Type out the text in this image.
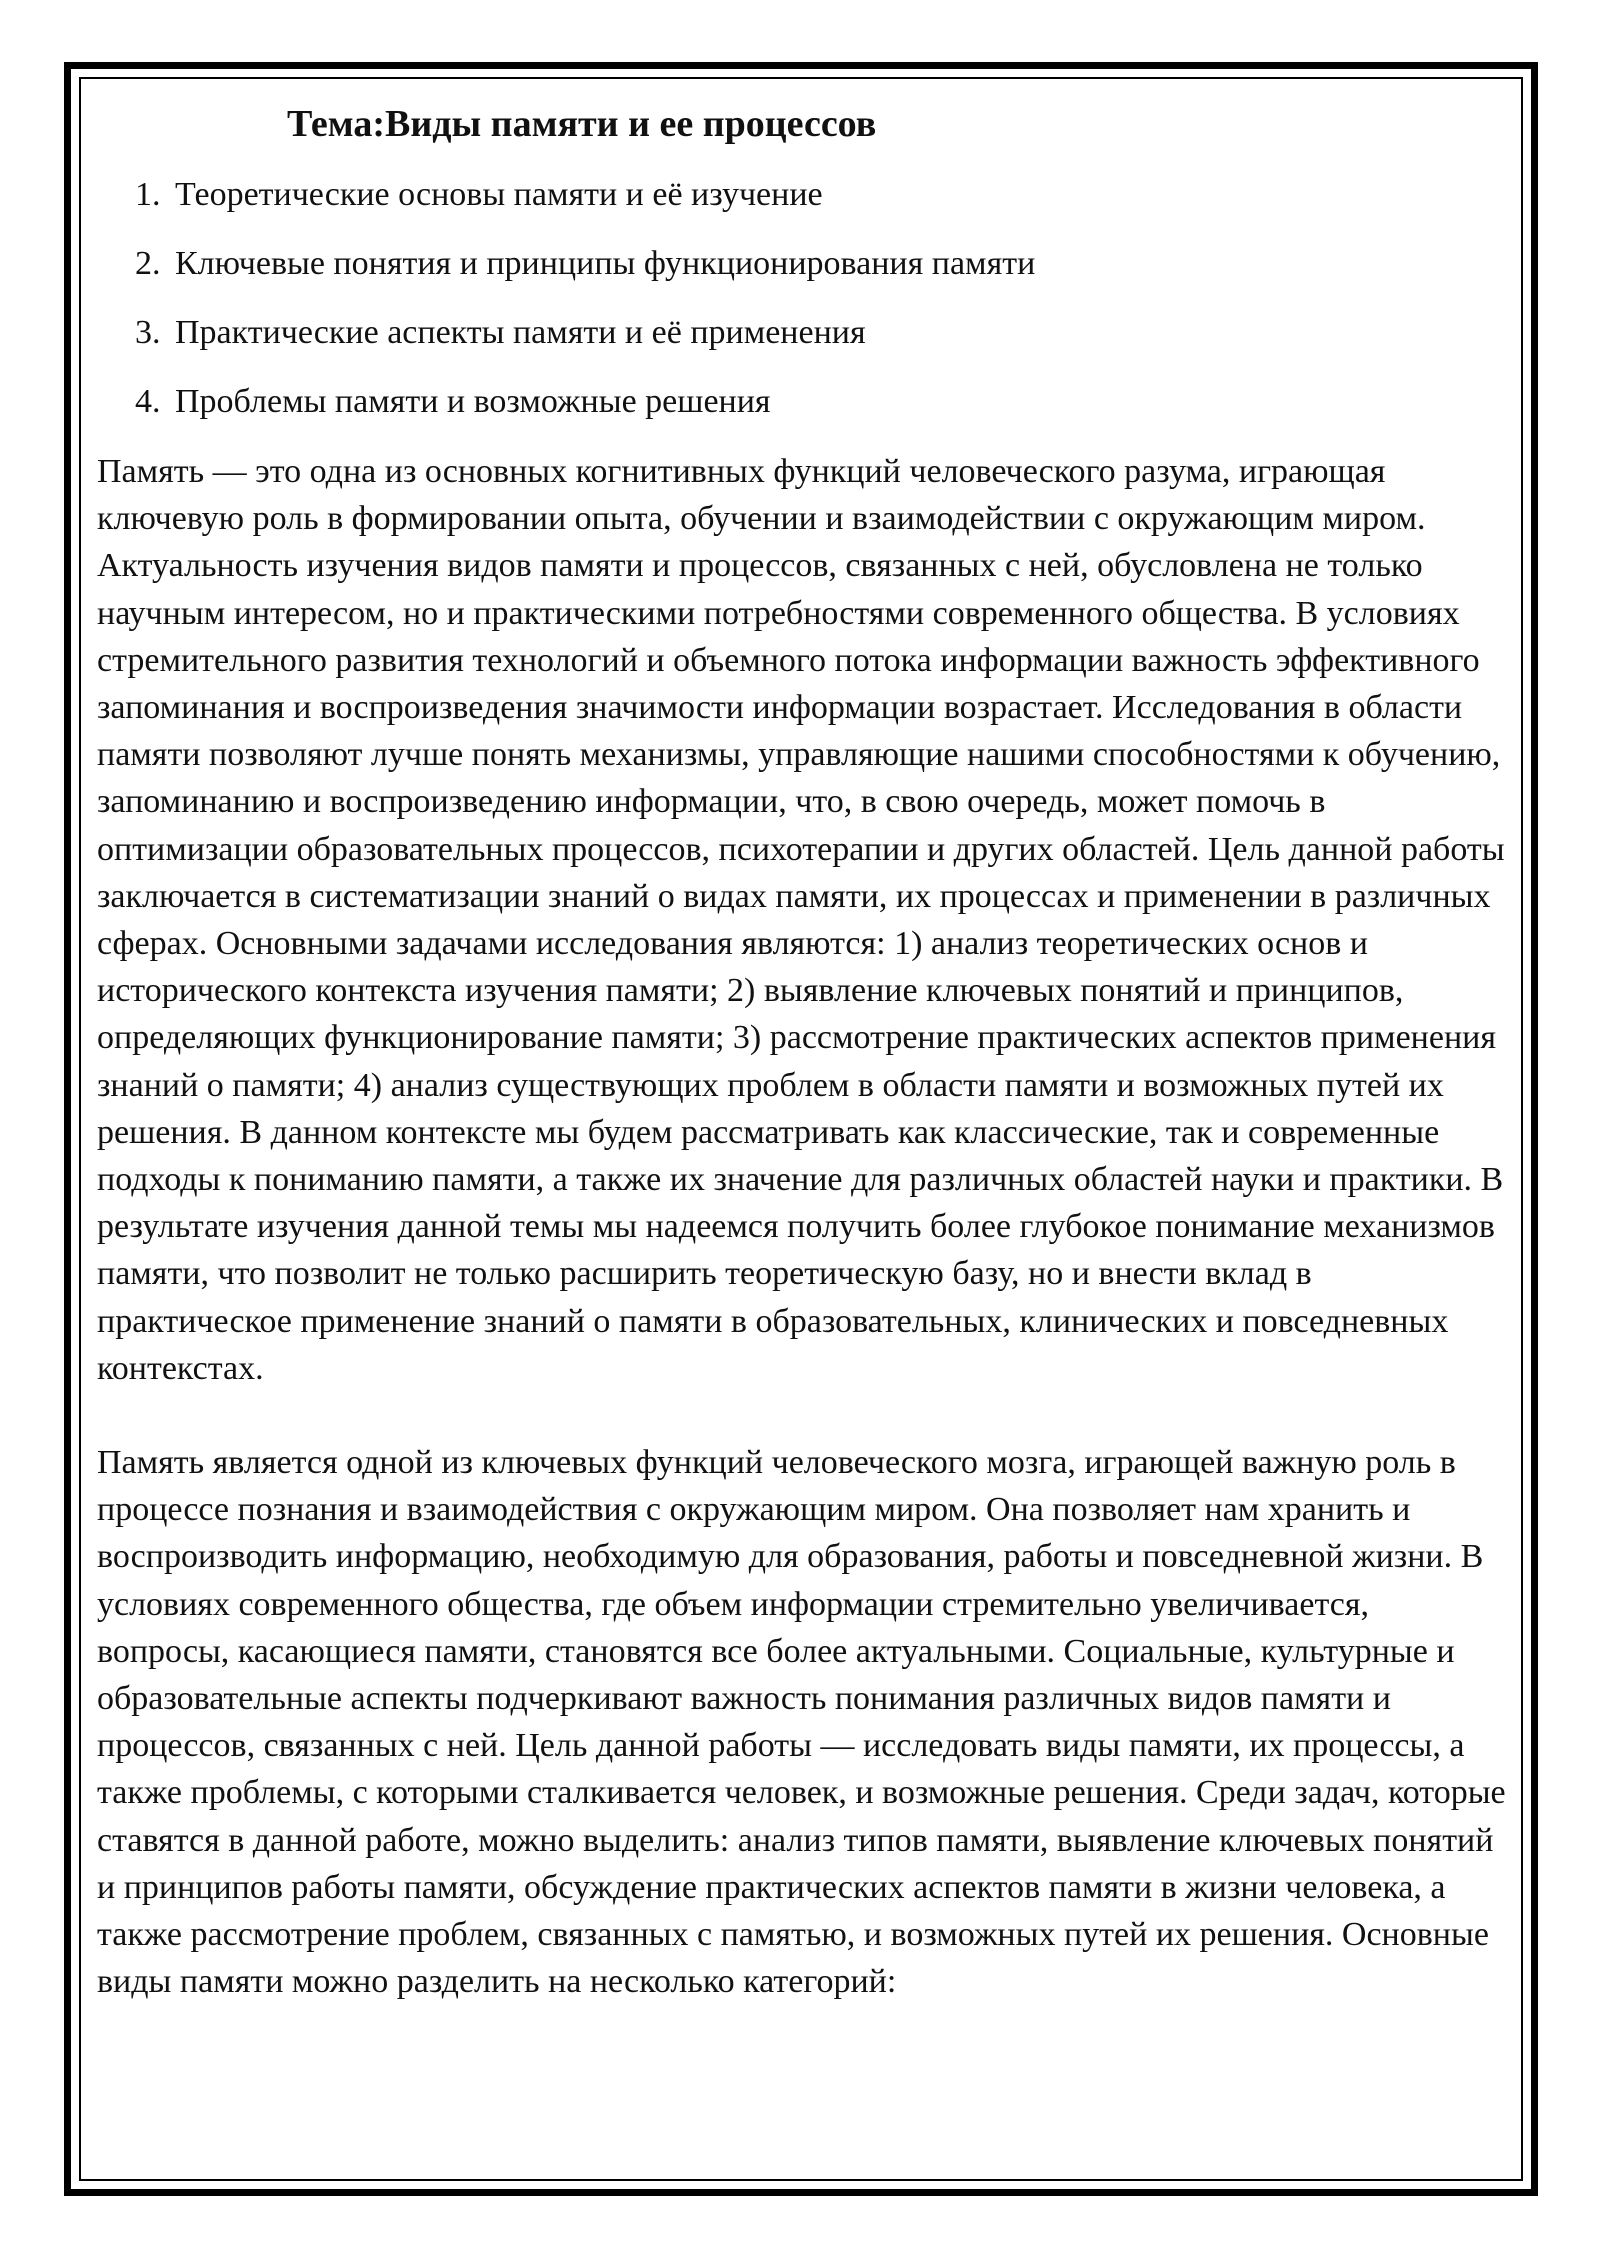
Тема:Виды памяти и ее процессов
1. Теоретические основы памяти и её изучение
2. Ключевые понятия и принципы функционирования памяти
3. Практические аспекты памяти и её применения
4. Проблемы памяти и возможные решения

Память — это одна из основных когнитивных функций человеческого разума, играющая ключевую роль в формировании опыта, обучении и взаимодействии с окружающим миром. Актуальность изучения видов памяти и процессов, связанных с ней, обусловлена не только научным интересом, но и практическими потребностями современного общества. В условиях стремительного развития технологий и объемного потока информации важность эффективного запоминания и воспроизведения значимости информации возрастает. Исследования в области памяти позволяют лучше понять механизмы, управляющие нашими способностями к обучению, запоминанию и воспроизведению информации, что, в свою очередь, может помочь в оптимизации образовательных процессов, психотерапии и других областей. Цель данной работы заключается в систематизации знаний о видах памяти, их процессах и применении в различных сферах. Основными задачами исследования являются: 1) анализ теоретических основ и исторического контекста изучения памяти; 2) выявление ключевых понятий и принципов, определяющих функционирование памяти; 3) рассмотрение практических аспектов применения знаний о памяти; 4) анализ существующих проблем в области памяти и возможных путей их решения. В данном контексте мы будем рассматривать как классические, так и современные подходы к пониманию памяти, а также их значение для различных областей науки и практики. В результате изучения данной темы мы надеемся получить более глубокое понимание механизмов памяти, что позволит не только расширить теоретическую базу, но и внести вклад в практическое применение знаний о памяти в образовательных, клинических и повседневных контекстах.

Память является одной из ключевых функций человеческого мозга, играющей важную роль в процессе познания и взаимодействия с окружающим миром. Она позволяет нам хранить и воспроизводить информацию, необходимую для образования, работы и повседневной жизни. В условиях современного общества, где объем информации стремительно увеличивается, вопросы, касающиеся памяти, становятся все более актуальными. Социальные, культурные и образовательные аспекты подчеркивают важность понимания различных видов памяти и процессов, связанных с ней. Цель данной работы — исследовать виды памяти, их процессы, а также проблемы, с которыми сталкивается человек, и возможные решения. Среди задач, которые ставятся в данной работе, можно выделить: анализ типов памяти, выявление ключевых понятий и принципов работы памяти, обсуждение практических аспектов памяти в жизни человека, а также рассмотрение проблем, связанных с памятью, и возможных путей их решения. Основные виды памяти можно разделить на несколько категорий:
